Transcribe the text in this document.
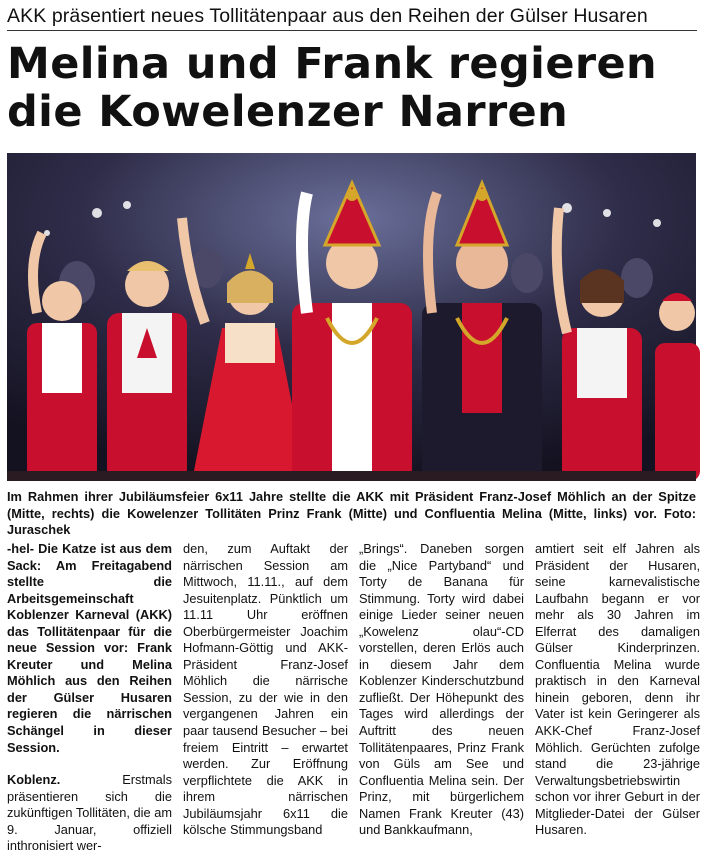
AKK präsentiert neues Tollitätenpaar aus den Reihen der Gülser Husaren
Melina und Frank regieren
die Kowelenzer Narren
Im Rahmen ihrer Jubiläumsfeier 6x11 Jahre stellte die AKK mit Präsident Franz-Josef Möhlich an der Spitze (Mitte, rechts) die Kowelenzer Tollitäten Prinz Frank (Mitte) und Confluentia Melina (Mitte, links) vor. Foto: Juraschek

-hel- Die Katze ist aus dem Sack: Am Freitagabend stellte die Arbeitsgemeinschaft Koblenzer Karneval (AKK) das Tollitätenpaar für die neue Session vor: Frank Kreuter und Melina Möhlich aus den Reihen der Gülser Husaren regieren die närrischen Schängel in dieser Session.

Koblenz.	Erstmals präsentieren sich die zukünftigen Tollitäten, die am 9. Januar, offiziell inthronisiert wer-

den, zum Auftakt der närrischen Session am Mittwoch, 11.11., auf dem Jesuitenplatz. Pünktlich um 11.11 Uhr eröffnen Oberbürgermeister Joachim Hofmann-Göttig und AKK-Präsident Franz-Josef Möhlich die närrische Session, zu der wie in den vergangenen Jahren ein paar tausend Besucher – bei freiem Eintritt – erwartet werden. Zur Eröffnung verpflichtete die AKK in ihrem närrischen Jubiläumsjahr 6x11 die kölsche Stimmungsband

„Brings“. Daneben sorgen die „Nice Partyband“ und Torty de Banana für Stimmung. Torty wird dabei einige Lieder seiner neuen „Kowelenz olau“-CD vorstellen, deren Erlös auch in diesem Jahr dem Koblenzer Kinderschutzbund zufließt. Der Höhepunkt des Tages wird allerdings der Auftritt des neuen Tollitätenpaares, Prinz Frank von Güls am See und Confluentia Melina sein. Der Prinz, mit bürgerlichem Namen Frank Kreuter (43) und Bankkaufmann,

amtiert seit elf Jahren als Präsident der Husaren, seine karnevalistische Laufbahn begann er vor mehr als 30 Jahren im Elferrat des damaligen Gülser Kinderprinzen. Confluentia Melina wurde praktisch in den Karneval hinein geboren, denn ihr Vater ist kein Geringerer als AKK-Chef Franz-Josef Möhlich. Gerüchten zufolge stand die 23-jährige Verwaltungsbetriebswirtin schon vor ihrer Geburt in der Mitglieder-Datei der Gülser Husaren.
